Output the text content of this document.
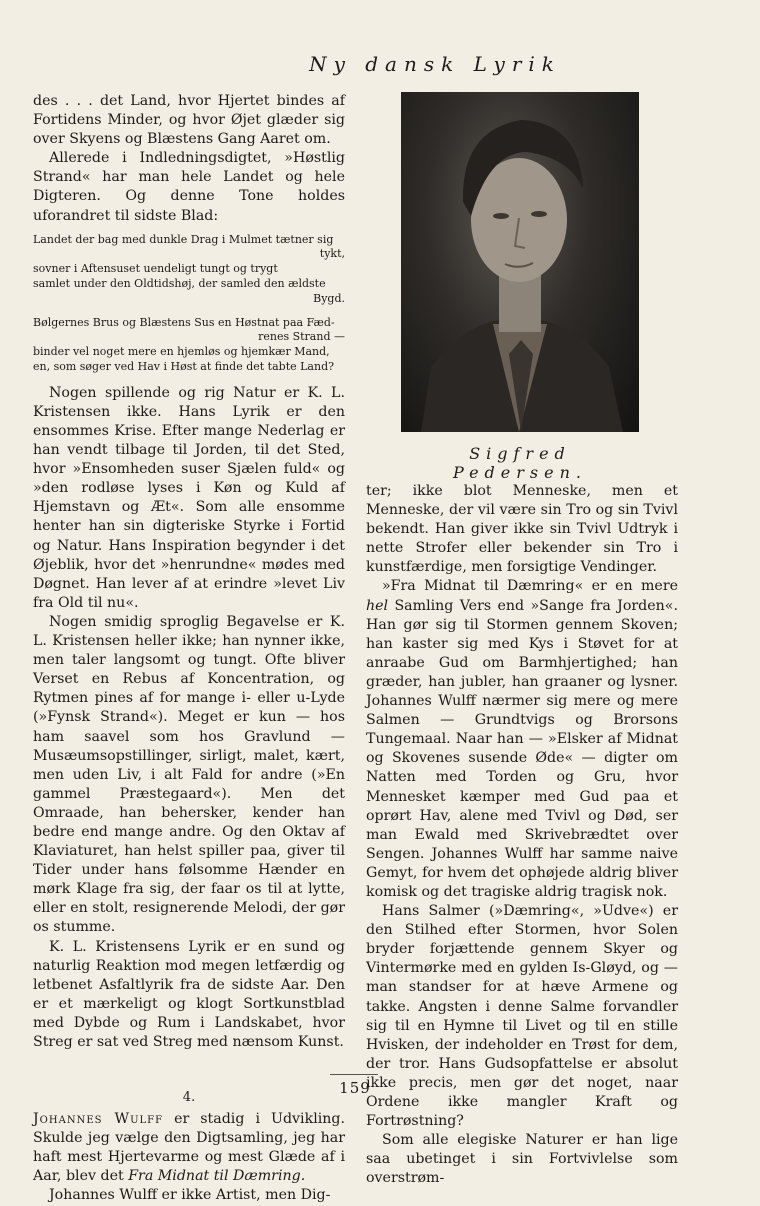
Ny dansk Lyrik

des . . . det Land, hvor Hjertet bindes af Fortidens Minder, og hvor Øjet glæder sig over Skyens og Blæstens Gang Aaret om.

Allerede i Indledningsdigtet, »Høstlig Strand« har man hele Landet og hele Digteren. Og denne Tone holdes uforandret til sidste Blad:

Landet der bag med dunkle Drag i Mulmet tætner sig
tykt,
sovner i Aftensuset uendeligt tungt og trygt
samlet under den Oldtidshøj, der samled den ældste
Bygd.
Bølgernes Brus og Blæstens Sus en Høstnat paa Fæd-
renes Strand —
binder vel noget mere en hjemløs og hjemkær Mand,
en, som søger ved Hav i Høst at finde det tabte Land?

Nogen spillende og rig Natur er K. L. Kristensen ikke. Hans Lyrik er den ensommes Krise. Efter mange Nederlag er han vendt tilbage til Jorden, til det Sted, hvor »Ensomheden suser Sjælen fuld« og »den rodløse lyses i Køn og Kuld af Hjemstavn og Æt«. Som alle ensomme henter han sin digteriske Styrke i Fortid og Natur. Hans Inspiration begynder i det Øjeblik, hvor det »henrundne« mødes med Døgnet. Han lever af at erindre »levet Liv fra Old til nu«.

Nogen smidig sproglig Begavelse er K. L. Kristensen heller ikke; han nynner ikke, men taler langsomt og tungt. Ofte bliver Verset en Rebus af Koncentration, og Rytmen pines af for mange i- eller u-Lyde (»Fynsk Strand«). Meget er kun — hos ham saavel som hos Gravlund — Musæumsopstillinger, sirligt, malet, kært, men uden Liv, i alt Fald for andre (»En gammel Præstegaard«). Men det Omraade, han behersker, kender han bedre end mange andre. Og den Oktav af Klaviaturet, han helst spiller paa, giver til Tider under hans følsomme Hænder en mørk Klage fra sig, der faar os til at lytte, eller en stolt, resignerende Melodi, der gør os stumme.

K. L. Kristensens Lyrik er en sund og naturlig Reaktion mod megen letfærdig og letbenet Asfaltlyrik fra de sidste Aar. Den er et mærkeligt og klogt Sortkunstblad med Dybde og Rum i Landskabet, hvor Streg er sat ved Streg med nænsom Kunst.

4.

Johannes Wulff er stadig i Udvikling. Skulde jeg vælge den Digtsamling, jeg har haft mest Hjertevarme og mest Glæde af i Aar, blev det Fra Midnat til Dæmring.

Johannes Wulff er ikke Artist, men Dig-

Sigfred Pedersen.

ter; ikke blot Menneske, men et Menneske, der vil være sin Tro og sin Tvivl bekendt. Han giver ikke sin Tvivl Udtryk i nette Strofer eller bekender sin Tro i kunstfærdige, men forsigtige Vendinger.

»Fra Midnat til Dæmring« er en mere hel Samling Vers end »Sange fra Jorden«. Han gør sig til Stormen gennem Skoven; han kaster sig med Kys i Støvet for at anraabe Gud om Barmhjertighed; han græder, han jubler, han graaner og lysner. Johannes Wulff nærmer sig mere og mere Salmen — Grundtvigs og Brorsons Tungemaal. Naar han — »Elsker af Midnat og Skovenes susende Øde« — digter om Natten med Torden og Gru, hvor Mennesket kæmper med Gud paa et oprørt Hav, alene med Tvivl og Død, ser man Ewald med Skrivebrædtet over Sengen. Johannes Wulff har samme naive Gemyt, for hvem det ophøjede aldrig bliver komisk og det tragiske aldrig tragisk nok.

Hans Salmer (»Dæmring«, »Udve«) er den Stilhed efter Stormen, hvor Solen bryder forjættende gennem Skyer og Vintermørke med en gylden Is-Gløyd, og — man standser for at hæve Armene og takke. Angsten i denne Salme forvandler sig til en Hymne til Livet og til en stille Hvisken, der indeholder en Trøst for dem, der tror. Hans Gudsopfattelse er absolut ikke precis, men gør det noget, naar Ordene ikke mangler Kraft og Fortrøstning?

Som alle elegiske Naturer er han lige saa ubetinget i sin Fortvivlelse som overstrøm-

159
